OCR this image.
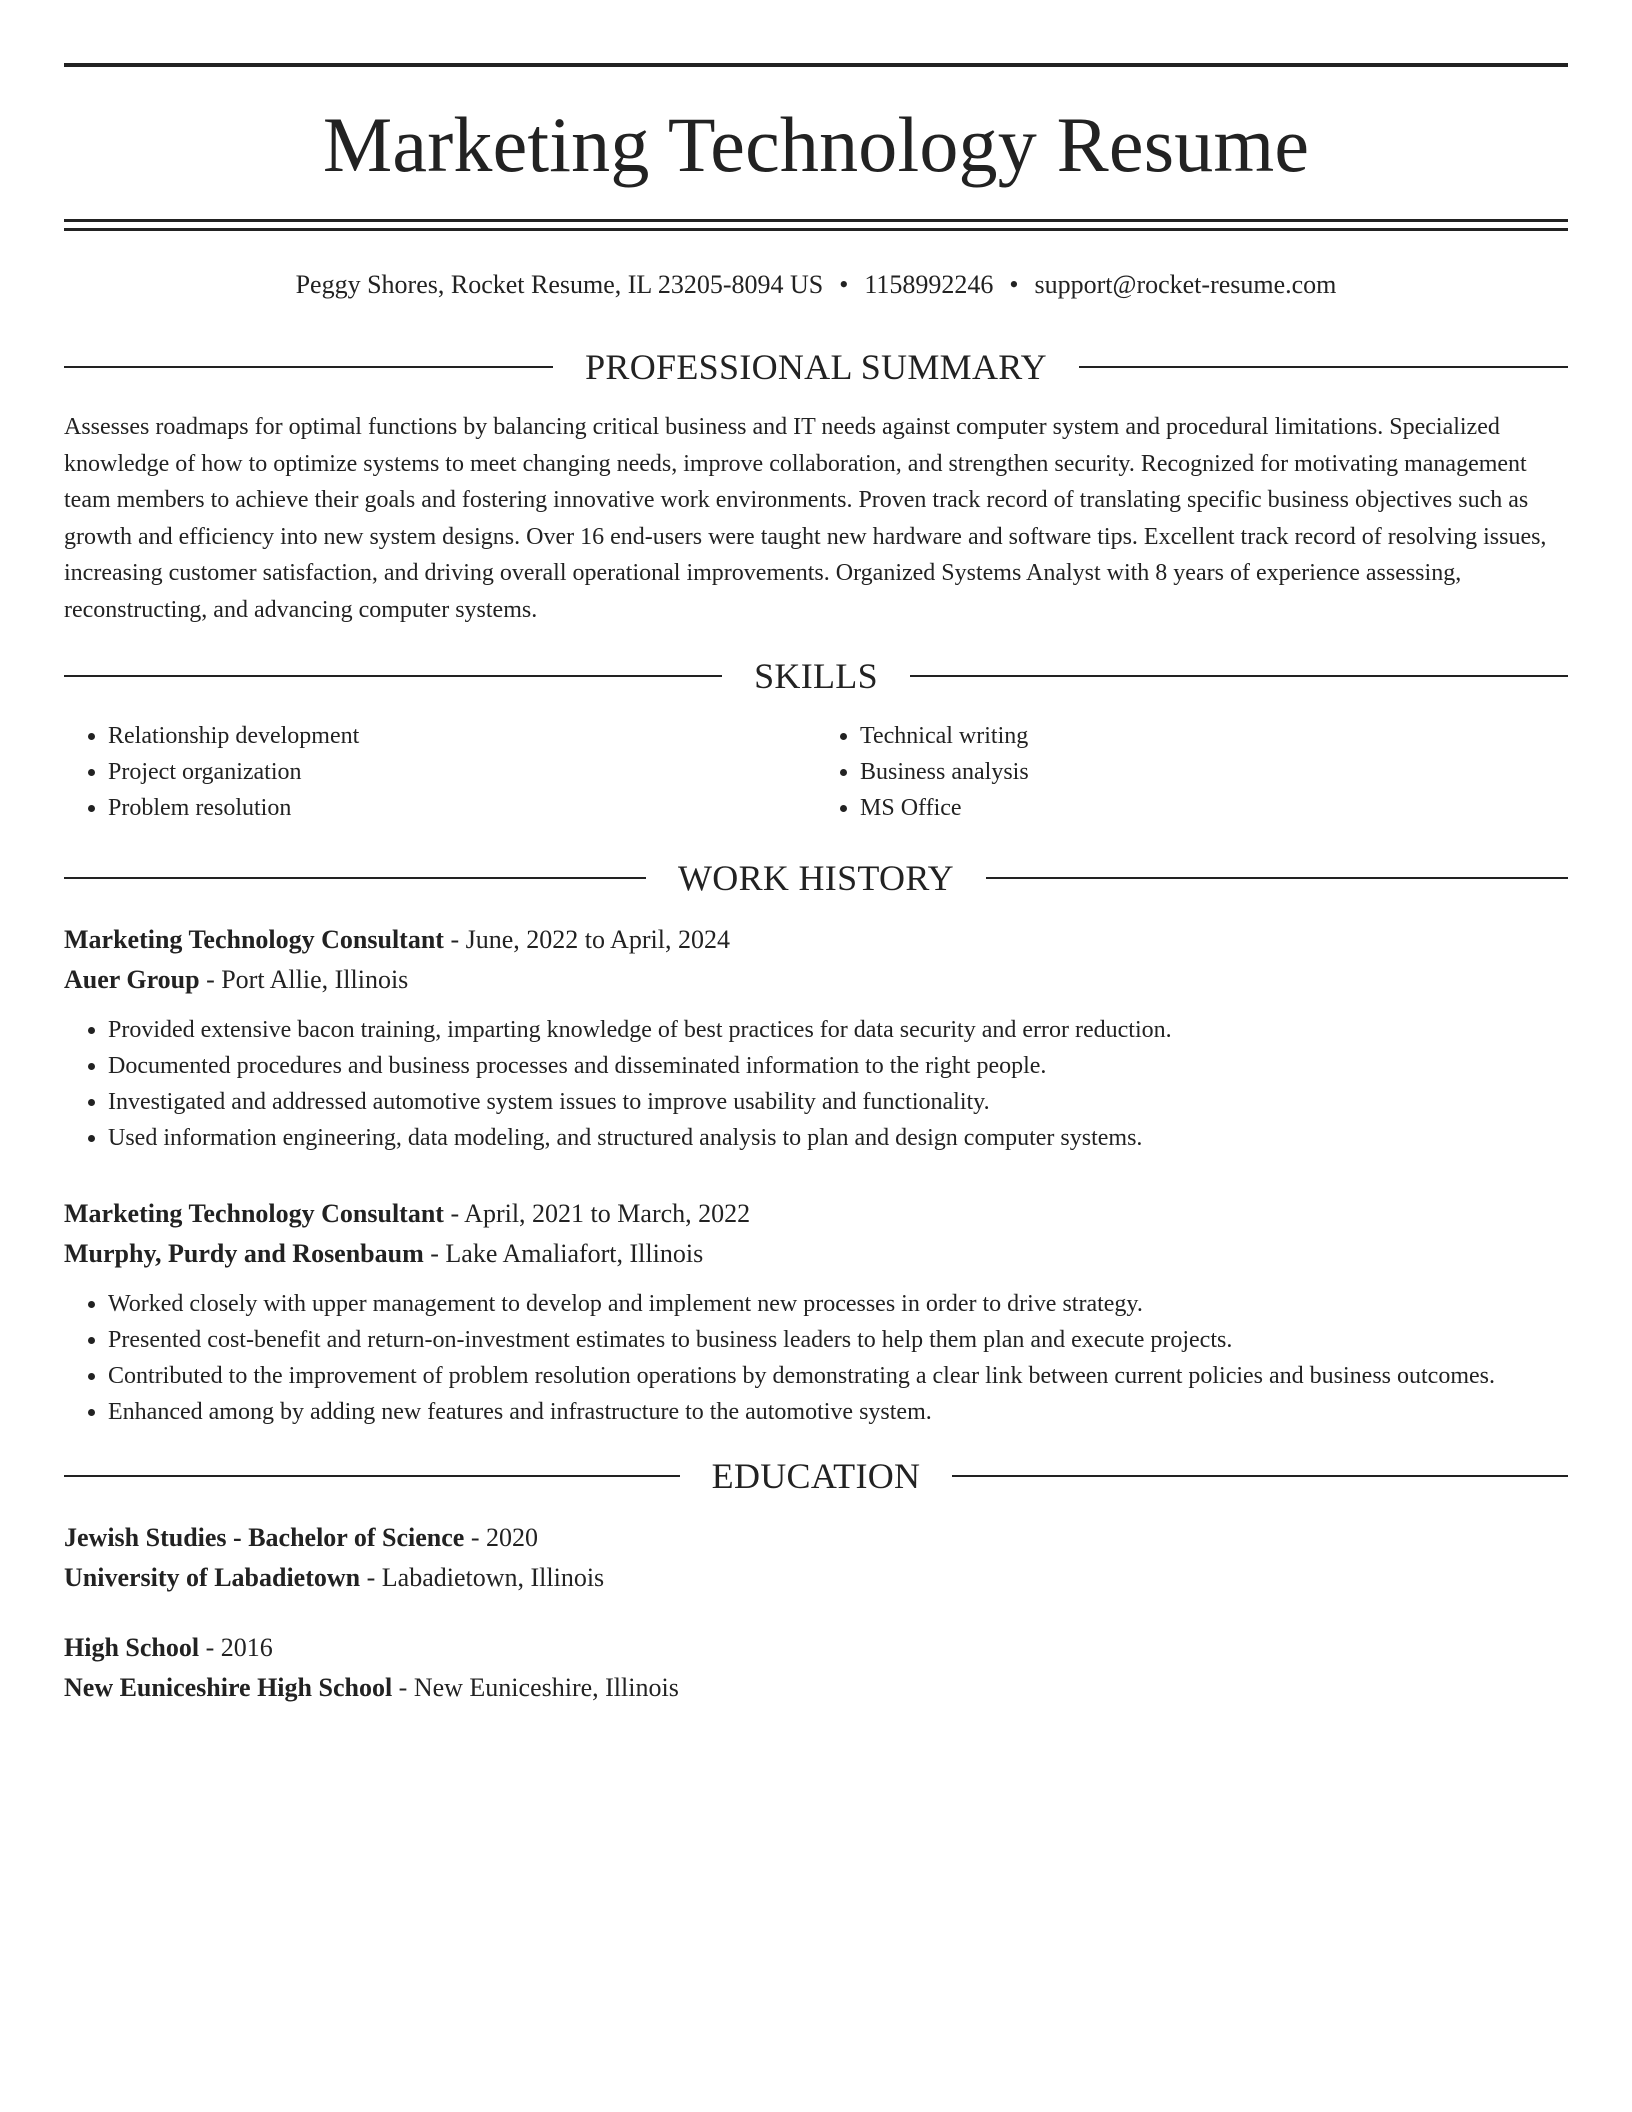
Marketing Technology Resume
Peggy Shores, Rocket Resume, IL 23205-8094 US • 1158992246 • support@rocket-resume.com
PROFESSIONAL SUMMARY

Assesses roadmaps for optimal functions by balancing critical business and IT needs against computer system and procedural limitations. Specialized knowledge of how to optimize systems to meet changing needs, improve collaboration, and strengthen security. Recognized for motivating management team members to achieve their goals and fostering innovative work environments. Proven track record of translating specific business objectives such as growth and efficiency into new system designs. Over 16 end-users were taught new hardware and software tips. Excellent track record of resolving issues, increasing customer satisfaction, and driving overall operational improvements. Organized Systems Analyst with 8 years of experience assessing, reconstructing, and advancing computer systems.

SKILLS
• Relationship development
• Project organization
• Problem resolution
• Technical writing
• Business analysis
• MS Office
WORK HISTORY
Marketing Technology Consultant - June, 2022 to April, 2024
Auer Group - Port Allie, Illinois
• Provided extensive bacon training, imparting knowledge of best practices for data security and error reduction.
• Documented procedures and business processes and disseminated information to the right people.
• Investigated and addressed automotive system issues to improve usability and functionality.
• Used information engineering, data modeling, and structured analysis to plan and design computer systems.
Marketing Technology Consultant - April, 2021 to March, 2022
Murphy, Purdy and Rosenbaum - Lake Amaliafort, Illinois
• Worked closely with upper management to develop and implement new processes in order to drive strategy.
• Presented cost-benefit and return-on-investment estimates to business leaders to help them plan and execute projects.
• Contributed to the improvement of problem resolution operations by demonstrating a clear link between current policies and business outcomes.
• Enhanced among by adding new features and infrastructure to the automotive system.
EDUCATION
Jewish Studies - Bachelor of Science - 2020
University of Labadietown - Labadietown, Illinois
High School - 2016
New Euniceshire High School - New Euniceshire, Illinois
